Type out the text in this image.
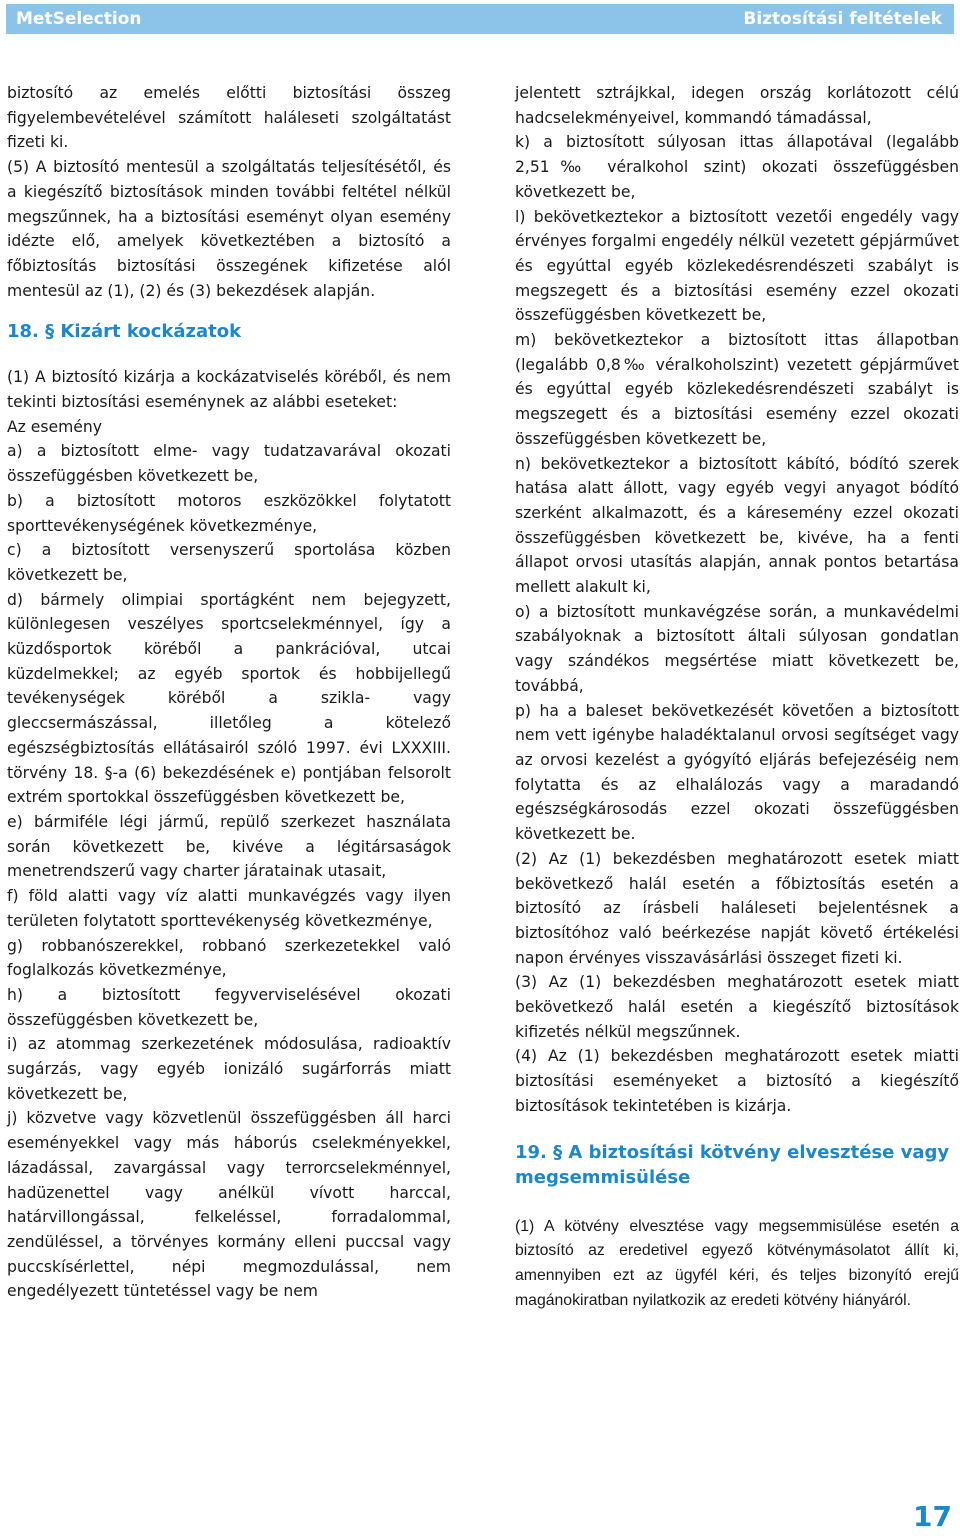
MetSelection	Biztosítási feltételek

biztosító az emelés előtti biztosítási összeg figyelembevételével számított haláleseti szolgáltatást fizeti ki.

(5) A biztosító mentesül a szolgáltatás teljesítésétől, és a kiegészítő biztosítások minden további feltétel nélkül megszűnnek, ha a biztosítási eseményt olyan esemény idézte elő, amelyek következtében a biztosító a főbiztosítás biztosítási összegének kifizetése alól mentesül az (1), (2) és (3) bekezdések alapján.

18. § Kizárt kockázatok

(1) A biztosító kizárja a kockázatviselés köréből, és nem tekinti biztosítási eseménynek az alábbi eseteket:

Az esemény

a) a biztosított elme- vagy tudatzavarával okozati összefüggésben következett be,

b) a biztosított motoros eszközökkel folytatott sporttevékenységének következménye,

c) a biztosított versenyszerű sportolása közben következett be,

d) bármely olimpiai sportágként nem bejegyzett, különlegesen veszélyes sportcselekménnyel, így a küzdősportok köréből a pankrációval, utcai küzdelmekkel; az egyéb sportok és hobbijellegű tevékenységek köréből a szikla- vagy gleccsermászással, illetőleg a kötelező egészségbiztosítás ellátásairól szóló 1997. évi LXXXIII. törvény 18. §-a (6) bekezdésének e) pontjában felsorolt extrém sportokkal összefüggésben következett be,

e) bármiféle légi jármű, repülő szerkezet használata során következett be, kivéve a légitársaságok menetrendszerű vagy charter járatainak utasait,

f) föld alatti vagy víz alatti munkavégzés vagy ilyen területen folytatott sporttevékenység következménye,

g) robbanószerekkel, robbanó szerkezetekkel való foglalkozás következménye,

h) a biztosított fegyverviselésével okozati összefüggésben következett be,

i) az atommag szerkezetének módosulása, radioaktív sugárzás, vagy egyéb ionizáló sugárforrás miatt következett be,

j) közvetve vagy közvetlenül összefüggésben áll harci eseményekkel vagy más háborús cselekményekkel, lázadással, zavargással vagy terrorcselekménnyel, hadüzenettel vagy anélkül vívott harccal, határvillongással, felkeléssel, forradalommal, zendüléssel, a törvényes kormány elleni puccsal vagy puccskísérlettel, népi megmozdulással, nem engedélyezett tüntetéssel vagy be nem

jelentett sztrájkkal, idegen ország korlátozott célú hadcselekményeivel, kommandó támadással,

k) a biztosított súlyosan ittas állapotával (legalább 2,51‰ véralkohol szint) okozati összefüggésben következett be,

l) bekövetkeztekor a biztosított vezetői engedély vagy érvényes forgalmi engedély nélkül vezetett gépjárművet és egyúttal egyéb közlekedésrendészeti szabályt is megszegett és a biztosítási esemény ezzel okozati összefüggésben következett be,

m) bekövetkeztekor a biztosított ittas állapotban (legalább 0,8‰ véralkoholszint) vezetett gépjárművet és egyúttal egyéb közlekedésrendészeti szabályt is megszegett és a biztosítási esemény ezzel okozati összefüggésben következett be,

n) bekövetkeztekor a biztosított kábító, bódító szerek hatása alatt állott, vagy egyéb vegyi anyagot bódító szerként alkalmazott, és a káresemény ezzel okozati összefüggésben következett be, kivéve, ha a fenti állapot orvosi utasítás alapján, annak pontos betartása mellett alakult ki,

o) a biztosított munkavégzése során, a munkavédelmi szabályoknak a biztosított általi súlyosan gondatlan vagy szándékos megsértése miatt következett be, továbbá,

p) ha a baleset bekövetkezését követően a biztosított nem vett igénybe haladéktalanul orvosi segítséget vagy az orvosi kezelést a gyógyító eljárás befejezéséig nem folytatta és az elhalálozás vagy a maradandó egészségkárosodás ezzel okozati összefüggésben következett be.

(2) Az (1) bekezdésben meghatározott esetek miatt bekövetkező halál esetén a főbiztosítás esetén a biztosító az írásbeli haláleseti bejelentésnek a biztosítóhoz való beérkezése napját követő értékelési napon érvényes visszavásárlási összeget fizeti ki.

(3) Az (1) bekezdésben meghatározott esetek miatt bekövetkező halál esetén a kiegészítő biztosítások kifizetés nélkül megszűnnek.

(4) Az (1) bekezdésben meghatározott esetek miatti biztosítási eseményeket a biztosító a kiegészítő biztosítások tekintetében is kizárja.

19. § A biztosítási kötvény elvesztése vagy megsemmisülése

(1) A kötvény elvesztése vagy megsemmisülése esetén a biztosító az eredetivel egyező kötvénymásolatot állít ki, amennyiben ezt az ügyfél kéri, és teljes bizonyító erejű magánokiratban nyilatkozik az eredeti kötvény hiányáról.

17
